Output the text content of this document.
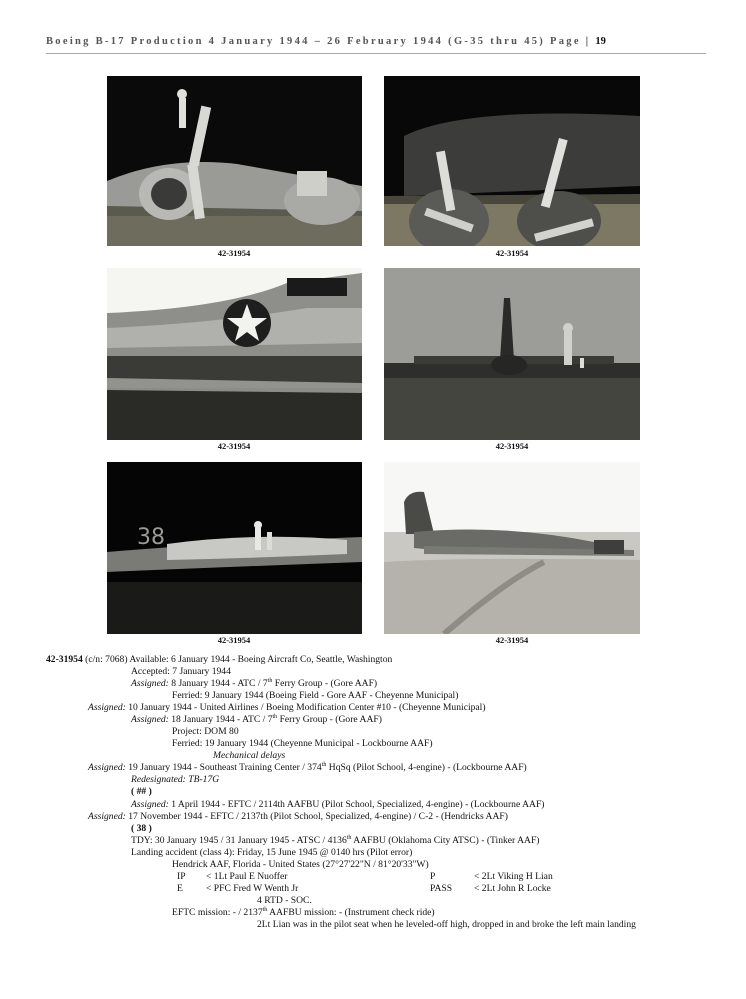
Boeing B-17 Production 4 January 1944 – 26 February 1944 (G-35 thru 45) Page | 19
42-31954	42-31954
42-31954	42-31954
38
42-31954	42-31954
42-31954 (c/n: 7068) Available: 6 January 1944 - Boeing Aircraft Co, Seattle, Washington
Accepted: 7 January 1944
Assigned: 8 January 1944 - ATC / 7th Ferry Group - (Gore AAF)
Ferried: 9 January 1944 (Boeing Field - Gore AAF - Cheyenne Municipal)
Assigned: 10 January 1944 - United Airlines / Boeing Modification Center #10 - (Cheyenne Municipal)
Assigned: 18 January 1944 - ATC / 7th Ferry Group - (Gore AAF)
Project: DOM 80
Ferried: 19 January 1944 (Cheyenne Municipal - Lockbourne AAF)
Mechanical delays
Assigned: 19 January 1944 - Southeast Training Center / 374th HqSq (Pilot School, 4-engine) - (Lockbourne AAF)
Redesignated: TB-17G
( ## )
Assigned: 1 April 1944 - EFTC / 2114th AAFBU (Pilot School, Specialized, 4-engine) - (Lockbourne AAF)
Assigned: 17 November 1944 - EFTC / 2137th (Pilot School, Specialized, 4-engine) / C-2 - (Hendricks AAF)
( 38 )
TDY: 30 January 1945 / 31 January 1945 - ATSC / 4136th AAFBU (Oklahoma City ATSC) - (Tinker AAF)
Landing accident (class 4): Friday, 15 June 1945 @ 0140 hrs (Pilot error)
Hendrick AAF, Florida - United States (27°27'22"N / 81°20'33"W)
IP < 1Lt Paul E Nuoffer	P	< 2Lt Viking H Lian
E < PFC Fred W Wenth Jr	PASS < 2Lt John R Locke
4 RTD - SOC.
EFTC mission: - / 2137th AAFBU mission: - (Instrument check ride)
2Lt Lian was in the pilot seat when he leveled-off high, dropped in and broke the left main landing
